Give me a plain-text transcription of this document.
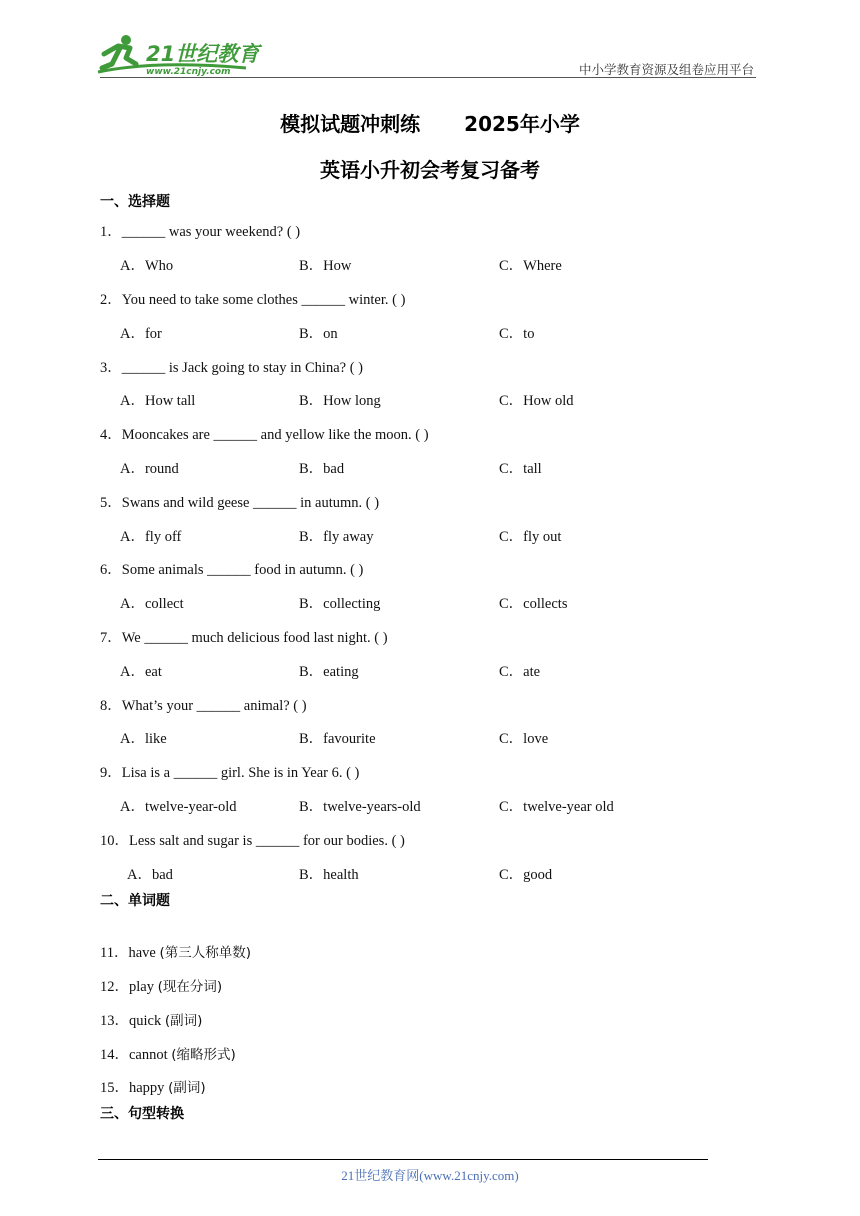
21世纪教育
www.21cnjy.com	中小学教育资源及组卷应用平台
模拟试题冲刺练 2025年小学
英语小升初会考复习备考
一、选择题
1．______ was your weekend? ( )
A．Who	B．How	C．Where
2．You need to take some clothes ______ winter. ( )
A．for	B．on	C．to
3．______ is Jack going to stay in China? ( )
A．How tall	B．How long	C．How old
4．Mooncakes are ______ and yellow like the moon. ( )
A．round	B．bad	C．tall
5．Swans and wild geese ______ in autumn. ( )
A．fly off	B．fly away	C．fly out
6．Some animals ______ food in autumn. ( )
A．collect	B．collecting	C．collects
7．We ______ much delicious food last night. ( )
A．eat	B．eating	C．ate
8．What’s your ______ animal? ( )
A．like	B．favourite	C．love
9．Lisa is a ______ girl. She is in Year 6. ( )
A．twelve-year-old	B．twelve-years-old	C．twelve-year old
10．Less salt and sugar is ______ for our bodies. ( )
A．bad	B．health	C．good
二、单词题
11．have (第三人称单数)
12．play (现在分词)
13．quick (副词)
14．cannot (缩略形式)
15．happy (副词)
三、句型转换
21世纪教育网(www.21cnjy.com)
